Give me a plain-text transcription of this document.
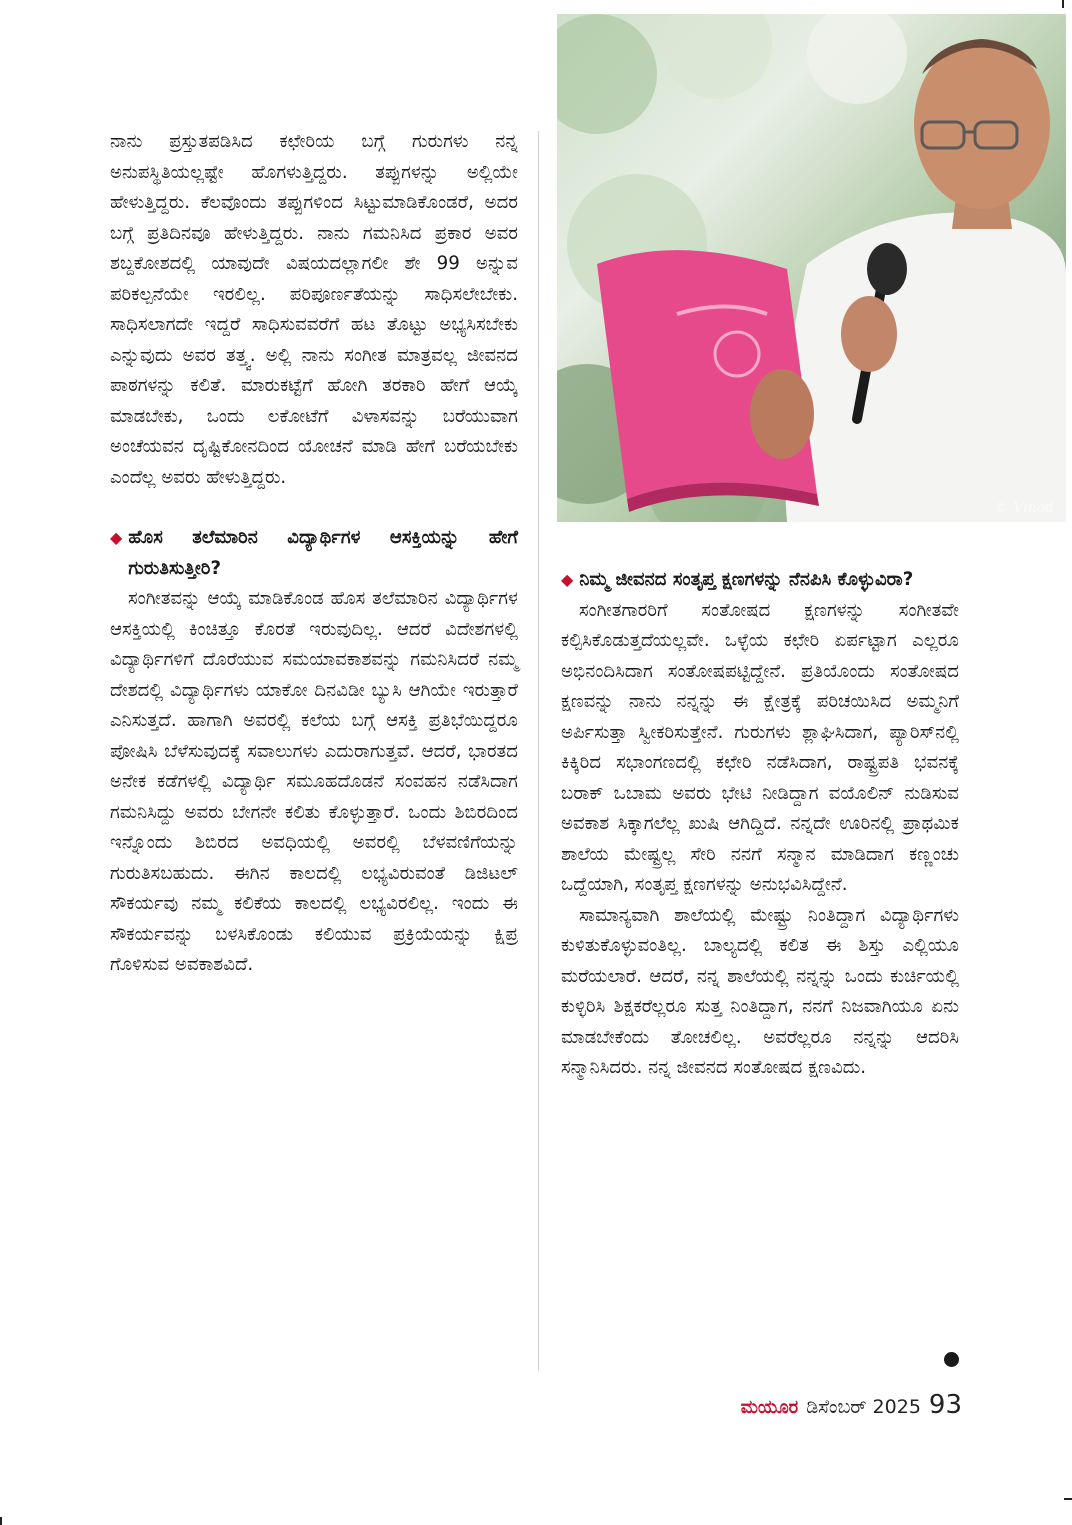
© Vinod

ನಾನು ಪ್ರಸ್ತುತಪಡಿಸಿದ ಕಛೇರಿಯ ಬಗ್ಗೆ ಗುರುಗಳು ನನ್ನ ಅನುಪಸ್ಥಿತಿಯಲ್ಲಷ್ಟೇ ಹೊಗಳುತ್ತಿದ್ದರು. ತಪ್ಪುಗಳನ್ನು ಅಲ್ಲಿಯೇ ಹೇಳುತ್ತಿದ್ದರು. ಕೆಲವೊಂದು ತಪ್ಪುಗಳಿಂದ ಸಿಟ್ಟುಮಾಡಿಕೊಂಡರೆ, ಅದರ ಬಗ್ಗೆ ಪ್ರತಿದಿನವೂ ಹೇಳುತ್ತಿದ್ದರು. ನಾನು ಗಮನಿಸಿದ ಪ್ರಕಾರ ಅವರ ಶಬ್ದಕೋಶದಲ್ಲಿ ಯಾವುದೇ ವಿಷಯದಲ್ಲಾಗಲೀ ಶೇ 99 ಅನ್ನುವ ಪರಿಕಲ್ಪನೆಯೇ ಇರಲಿಲ್ಲ. ಪರಿಪೂರ್ಣತೆಯನ್ನು ಸಾಧಿಸಲೇಬೇಕು. ಸಾಧಿಸಲಾಗದೇ ಇದ್ದರೆ ಸಾಧಿಸುವವರೆಗೆ ಹಟ ತೊಟ್ಟು ಅಭ್ಯಸಿಸಬೇಕು ಎನ್ನುವುದು ಅವರ ತತ್ತ್ವ. ಅಲ್ಲಿ ನಾನು ಸಂಗೀತ ಮಾತ್ರವಲ್ಲ ಜೀವನದ ಪಾಠಗಳನ್ನು ಕಲಿತೆ. ಮಾರುಕಟ್ಟೆಗೆ ಹೋಗಿ ತರಕಾರಿ ಹೇಗೆ ಆಯ್ಕೆ ಮಾಡಬೇಕು, ಒಂದು ಲಕೋಟೆಗೆ ವಿಳಾಸವನ್ನು ಬರೆಯುವಾಗ ಅಂಚೆಯವನ ದೃಷ್ಟಿಕೋನದಿಂದ ಯೋಚನೆ ಮಾಡಿ ಹೇಗೆ ಬರೆಯಬೇಕು ಎಂದೆಲ್ಲ ಅವರು ಹೇಳುತ್ತಿದ್ದರು.

◆ ಹೊಸ ತಲೆಮಾರಿನ ವಿದ್ಯಾರ್ಥಿಗಳ ಆಸಕ್ತಿಯನ್ನು ಹೇಗೆ ಗುರುತಿಸುತ್ತೀರಿ?

ಸಂಗೀತವನ್ನು ಆಯ್ಕೆ ಮಾಡಿಕೊಂಡ ಹೊಸ ತಲೆಮಾರಿನ ವಿದ್ಯಾರ್ಥಿಗಳ ಆಸಕ್ತಿಯಲ್ಲಿ ಕಿಂಚಿತ್ತೂ ಕೊರತೆ ಇರುವುದಿಲ್ಲ. ಆದರೆ ವಿದೇಶಗಳಲ್ಲಿ ವಿದ್ಯಾರ್ಥಿಗಳಿಗೆ ದೊರೆಯುವ ಸಮಯಾವಕಾಶವನ್ನು ಗಮನಿಸಿದರೆ ನಮ್ಮ ದೇಶದಲ್ಲಿ ವಿದ್ಯಾರ್ಥಿಗಳು ಯಾಕೋ ದಿನವಿಡೀ ಬ್ಯುಸಿ ಆಗಿಯೇ ಇರುತ್ತಾರೆ ಎನಿಸುತ್ತದೆ. ಹಾಗಾಗಿ ಅವರಲ್ಲಿ ಕಲೆಯ ಬಗ್ಗೆ ಆಸಕ್ತಿ ಪ್ರತಿಭೆಯಿದ್ದರೂ ಪೋಷಿಸಿ ಬೆಳೆಸುವುದಕ್ಕೆ ಸವಾಲುಗಳು ಎದುರಾಗುತ್ತವೆ. ಆದರೆ, ಭಾರತದ ಅನೇಕ ಕಡೆಗಳಲ್ಲಿ ವಿದ್ಯಾರ್ಥಿ ಸಮೂಹದೊಡನೆ ಸಂವಹನ ನಡೆಸಿದಾಗ ಗಮನಿಸಿದ್ದು ಅವರು ಬೇಗನೇ ಕಲಿತು ಕೊಳ್ಳುತ್ತಾರೆ. ಒಂದು ಶಿಬಿರದಿಂದ ಇನ್ನೊಂದು ಶಿಬಿರದ ಅವಧಿಯಲ್ಲಿ ಅವರಲ್ಲಿ ಬೆಳವಣಿಗೆಯನ್ನು ಗುರುತಿಸಬಹುದು. ಈಗಿನ ಕಾಲದಲ್ಲಿ ಲಭ್ಯವಿರುವಂತೆ ಡಿಜಿಟಲ್ ಸೌಕರ್ಯವು ನಮ್ಮ ಕಲಿಕೆಯ ಕಾಲದಲ್ಲಿ ಲಭ್ಯವಿರಲಿಲ್ಲ. ಇಂದು ಈ ಸೌಕರ್ಯವನ್ನು ಬಳಸಿಕೊಂಡು ಕಲಿಯುವ ಪ್ರಕ್ರಿಯೆಯನ್ನು ಕ್ಷಿಪ್ರ ಗೊಳಿಸುವ ಅವಕಾಶವಿದೆ.

◆ ನಿಮ್ಮ ಜೀವನದ ಸಂತೃಪ್ತ ಕ್ಷಣಗಳನ್ನು ನೆನಪಿಸಿ ಕೊಳ್ಳುವಿರಾ?

ಸಂಗೀತಗಾರರಿಗೆ ಸಂತೋಷದ ಕ್ಷಣಗಳನ್ನು ಸಂಗೀತವೇ ಕಲ್ಪಿಸಿಕೊಡುತ್ತದೆಯಲ್ಲವೇ. ಒಳ್ಳೆಯ ಕಛೇರಿ ಏರ್ಪಟ್ಟಾಗ ಎಲ್ಲರೂ ಅಭಿನಂದಿಸಿದಾಗ ಸಂತೋಷಪಟ್ಟಿದ್ದೇನೆ. ಪ್ರತಿಯೊಂದು ಸಂತೋಷದ ಕ್ಷಣವನ್ನು ನಾನು ನನ್ನನ್ನು ಈ ಕ್ಷೇತ್ರಕ್ಕೆ ಪರಿಚಯಿಸಿದ ಅಮ್ಮನಿಗೆ ಅರ್ಪಿಸುತ್ತಾ ಸ್ವೀಕರಿಸುತ್ತೇನೆ. ಗುರುಗಳು ಶ್ಲಾಘಿಸಿದಾಗ, ಪ್ಯಾರಿಸ್‌ನಲ್ಲಿ ಕಿಕ್ಕಿರಿದ ಸಭಾಂಗಣದಲ್ಲಿ ಕಛೇರಿ ನಡೆಸಿದಾಗ, ರಾಷ್ಟ್ರಪತಿ ಭವನಕ್ಕೆ ಬರಾಕ್ ಒಬಾಮ ಅವರು ಭೇಟಿ ನೀಡಿದ್ದಾಗ ವಯೊಲಿನ್ ನುಡಿಸುವ ಅವಕಾಶ ಸಿಕ್ಕಾಗಲೆಲ್ಲ ಖುಷಿ ಆಗಿದ್ದಿದೆ. ನನ್ನದೇ ಊರಿನಲ್ಲಿ ಪ್ರಾಥಮಿಕ ಶಾಲೆಯ ಮೇಷ್ಟ್ರಲ್ಲ ಸೇರಿ ನನಗೆ ಸನ್ಮಾನ ಮಾಡಿದಾಗ ಕಣ್ಣಂಚು ಒದ್ದೆಯಾಗಿ, ಸಂತೃಪ್ತ ಕ್ಷಣಗಳನ್ನು ಅನುಭವಿಸಿದ್ದೇನೆ.

ಸಾಮಾನ್ಯವಾಗಿ ಶಾಲೆಯಲ್ಲಿ ಮೇಷ್ಟ್ರು ನಿಂತಿದ್ದಾಗ ವಿದ್ಯಾರ್ಥಿಗಳು ಕುಳಿತುಕೊಳ್ಳುವಂತಿಲ್ಲ. ಬಾಲ್ಯದಲ್ಲಿ ಕಲಿತ ಈ ಶಿಸ್ತು ಎಲ್ಲಿಯೂ ಮರೆಯಲಾರೆ. ಆದರೆ, ನನ್ನ ಶಾಲೆಯಲ್ಲಿ ನನ್ನನ್ನು ಒಂದು ಕುರ್ಚಿಯಲ್ಲಿ ಕುಳ್ಳಿರಿಸಿ ಶಿಕ್ಷಕರೆಲ್ಲರೂ ಸುತ್ತ ನಿಂತಿದ್ದಾಗ, ನನಗೆ ನಿಜವಾಗಿಯೂ ಏನು ಮಾಡಬೇಕೆಂದು ತೋಚಲಿಲ್ಲ. ಅವರೆಲ್ಲರೂ ನನ್ನನ್ನು ಆದರಿಸಿ ಸನ್ಮಾನಿಸಿದರು. ನನ್ನ ಜೀವನದ ಸಂತೋಷದ ಕ್ಷಣವಿದು.

ಮಯೂರ ಡಿಸೆಂಬರ್ 2025 93
